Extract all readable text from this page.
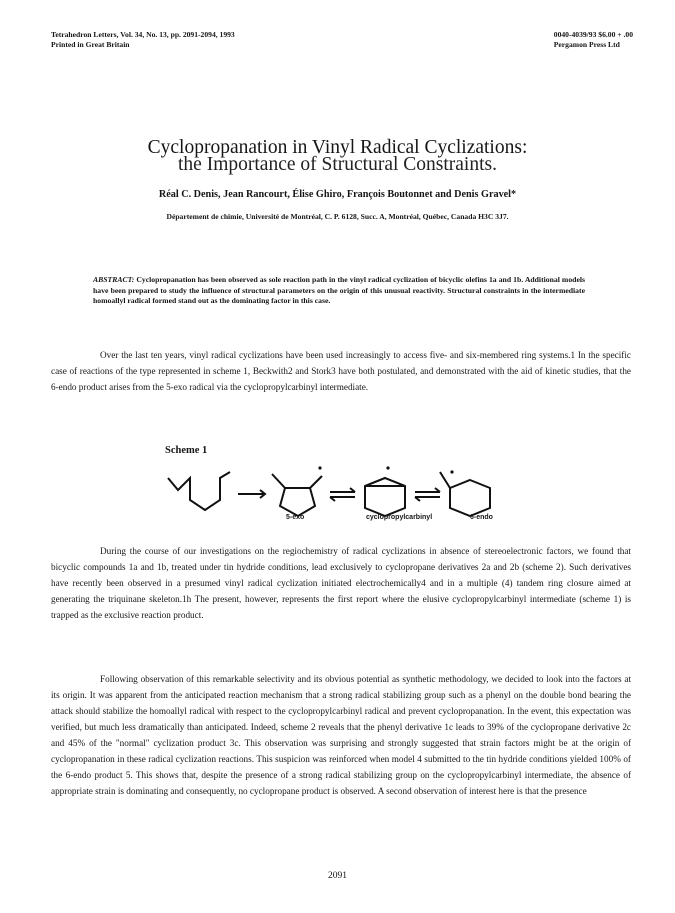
Tetrahedron Letters, Vol. 34, No. 13, pp. 2091-2094, 1993
Printed in Great Britain
0040-4039/93 $6.00 + .00
Pergamon Press Ltd
Cyclopropanation in Vinyl Radical Cyclizations:
the Importance of Structural Constraints.
Réal C. Denis, Jean Rancourt, Élise Ghiro, François Boutonnet and Denis Gravel*
Département de chimie, Université de Montréal, C. P. 6128, Succ. A, Montréal, Québec, Canada H3C 3J7.
ABSTRACT: Cyclopropanation has been observed as sole reaction path in the vinyl radical cyclization of bicyclic olefins 1a and 1b. Additional models have been prepared to study the influence of structural parameters on the origin of this unusual reactivity. Structural constraints in the intermediate homoallyl radical formed stand out as the dominating factor in this case.
Over the last ten years, vinyl radical cyclizations have been used increasingly to access five- and six-membered ring systems.1 In the specific case of reactions of the type represented in scheme 1, Beckwith2 and Stork3 have both postulated, and demonstrated with the aid of kinetic studies, that the 6-endo product arises from the 5-exo radical via the cyclopropylcarbinyl intermediate.
Scheme 1
5-exo	cyclopropylcarbinyl	6-endo
During the course of our investigations on the regiochemistry of radical cyclizations in absence of stereoelectronic factors, we found that bicyclic compounds 1a and 1b, treated under tin hydride conditions, lead exclusively to cyclopropane derivatives 2a and 2b (scheme 2). Such derivatives have recently been observed in a presumed vinyl radical cyclization initiated electrochemically4 and in a multiple (4) tandem ring closure aimed at generating the triquinane skeleton.1h The present, however, represents the first report where the elusive cyclopropylcarbinyl intermediate (scheme 1) is trapped as the exclusive reaction product.
Following observation of this remarkable selectivity and its obvious potential as synthetic methodology, we decided to look into the factors at its origin. It was apparent from the anticipated reaction mechanism that a strong radical stabilizing group such as a phenyl on the double bond bearing the attack should stabilize the homoallyl radical with respect to the cyclopropylcarbinyl radical and prevent cyclopropanation. In the event, this expectation was verified, but much less dramatically than anticipated. Indeed, scheme 2 reveals that the phenyl derivative 1c leads to 39% of the cyclopropane derivative 2c and 45% of the "normal" cyclization product 3c. This observation was surprising and strongly suggested that strain factors might be at the origin of cyclopropanation in these radical cyclization reactions. This suspicion was reinforced when model 4 submitted to the tin hydride conditions yielded 100% of the 6-endo product 5. This shows that, despite the presence of a strong radical stabilizing group on the cyclopropylcarbinyl intermediate, the absence of appropriate strain is dominating and consequently, no cyclopropane product is observed. A second observation of interest here is that the presence
2091
